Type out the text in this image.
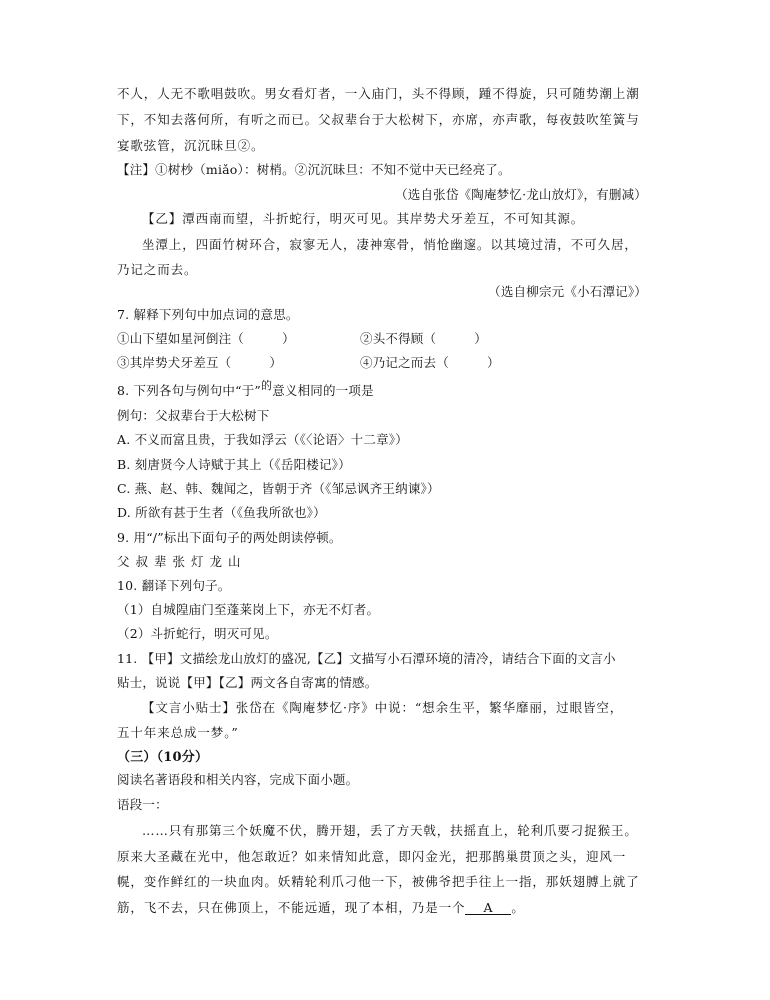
不人，人无不歌唱鼓吹。男女看灯者，一入庙门，头不得顾，踵不得旋，只可随势潮上潮
下，不知去落何所，有听之而已。父叔辈台于大松树下，亦席，亦声歌，每夜鼓吹笙簧与
宴歌弦管，沉沉昧旦②。
【注】①树杪（miǎo）：树梢。②沉沉昧旦：不知不觉中天已经亮了。
（选自张岱《陶庵梦忆·龙山放灯》，有删减）
【乙】潭西南而望，斗折蛇行，明灭可见。其岸势犬牙差互，不可知其源。
坐潭上，四面竹树环合，寂寥无人，凄神寒骨，悄怆幽邃。以其境过清，不可久居，
乃记之而去。
（选自柳宗元《小石潭记》）
7. 解释下列句中加点词的意思。
①山下望如星河倒注（　　　）	②头不得顾（　　　）
③其岸势犬牙差互（　　　）	④乃记之而去（　　　）
8. 下列各句与例句中“于”的意义相同的一项是
例句：父叔辈台于大松树下
A. 不义而富且贵，于我如浮云（《〈论语〉十二章》）
B. 刻唐贤今人诗赋于其上（《岳阳楼记》）
C. 燕、赵、韩、魏闻之，皆朝于齐（《邹忌讽齐王纳谏》）
D. 所欲有甚于生者（《鱼我所欲也》）
9. 用“/”标出下面句子的两处朗读停顿。
父叔辈张灯龙山
10. 翻译下列句子。
（1）自城隍庙门至蓬莱岗上下，亦无不灯者。
（2）斗折蛇行，明灭可见。
11. 【甲】文描绘龙山放灯的盛况,【乙】文描写小石潭环境的清冷，请结合下面的文言小
贴士，说说【甲】【乙】两文各自寄寓的情感。
【文言小贴士】张岱在《陶庵梦忆·序》中说：“想余生平，繁华靡丽，过眼皆空，
五十年来总成一梦。”
（三）（10分）
阅读名著语段和相关内容，完成下面小题。
语段一：
……只有那第三个妖魔不伏，腾开翅，丢了方天戟，扶摇直上，轮利爪要刁捉猴王。
原来大圣藏在光中，他怎敢近？如来情知此意，即闪金光，把那鹊巢贯顶之头，迎风一
幌，变作鲜红的一块血肉。妖精轮利爪刁他一下，被佛爷把手往上一指，那妖翅膊上就了
筋，飞不去，只在佛顶上，不能远遁，现了本相，乃是一个 A 。
